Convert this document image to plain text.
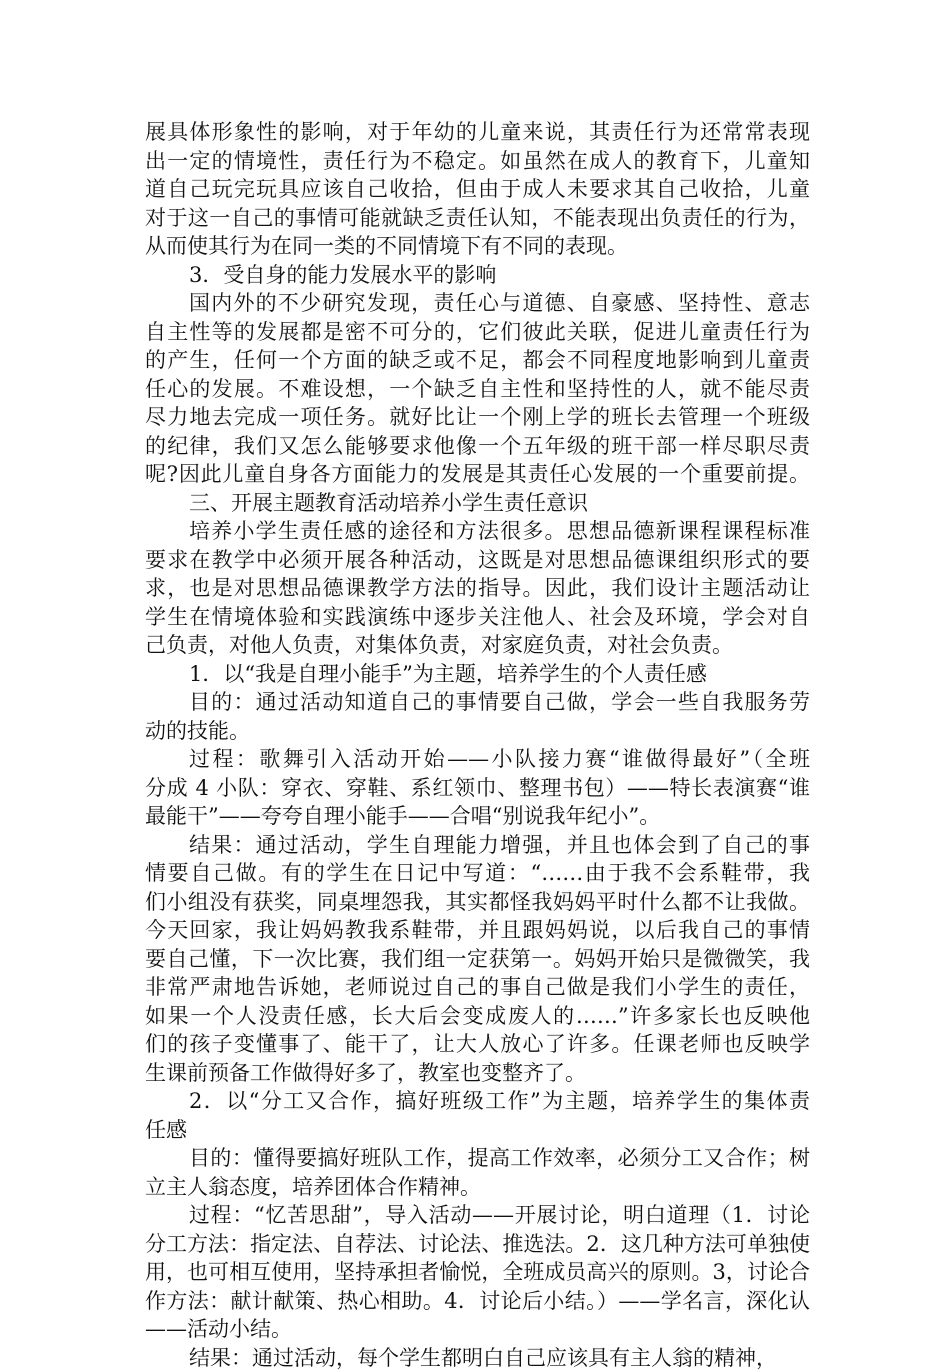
展具体形象性的影响，对于年幼的儿童来说，其责任行为还常常表现
出一定的情境性，责任行为不稳定。如虽然在成人的教育下，儿童知
道自己玩完玩具应该自己收拾，但由于成人未要求其自己收拾，儿童
对于这一自己的事情可能就缺乏责任认知，不能表现出负责任的行为，
从而使其行为在同一类的不同情境下有不同的表现。
3．受自身的能力发展水平的影响
国内外的不少研究发现，责任心与道德、自豪感、坚持性、意志
自主性等的发展都是密不可分的，它们彼此关联，促进儿童责任行为
的产生，任何一个方面的缺乏或不足，都会不同程度地影响到儿童责
任心的发展。不难设想，一个缺乏自主性和坚持性的人，就不能尽责
尽力地去完成一项任务。就好比让一个刚上学的班长去管理一个班级
的纪律，我们又怎么能够要求他像一个五年级的班干部一样尽职尽责
呢?因此儿童自身各方面能力的发展是其责任心发展的一个重要前提。
三、开展主题教育活动培养小学生责任意识
培养小学生责任感的途径和方法很多。思想品德新课程课程标准
要求在教学中必须开展各种活动，这既是对思想品德课组织形式的要
求，也是对思想品德课教学方法的指导。因此，我们设计主题活动让
学生在情境体验和实践演练中逐步关注他人、社会及环境，学会对自
己负责，对他人负责，对集体负责，对家庭负责，对社会负责。
1．以“我是自理小能手”为主题，培养学生的个人责任感
目的：通过活动知道自己的事情要自己做，学会一些自我服务劳
动的技能。
过程：歌舞引入活动开始——小队接力赛“谁做得最好”（全班
分成 4 小队：穿衣、穿鞋、系红领巾、整理书包）——特长表演赛“谁
最能干”——夸夸自理小能手——合唱“别说我年纪小”。
结果：通过活动，学生自理能力增强，并且也体会到了自己的事
情要自己做。有的学生在日记中写道：“……由于我不会系鞋带，我
们小组没有获奖，同桌埋怨我，其实都怪我妈妈平时什么都不让我做。
今天回家，我让妈妈教我系鞋带，并且跟妈妈说，以后我自己的事情
要自己懂，下一次比赛，我们组一定获第一。妈妈开始只是微微笑，我
非常严肃地告诉她，老师说过自己的事自己做是我们小学生的责任，
如果一个人没责任感，长大后会变成废人的……”许多家长也反映他
们的孩子变懂事了、能干了，让大人放心了许多。任课老师也反映学
生课前预备工作做得好多了，教室也变整齐了。
2．以“分工又合作，搞好班级工作”为主题，培养学生的集体责
任感
目的：懂得要搞好班队工作，提高工作效率，必须分工又合作；树
立主人翁态度，培养团体合作精神。
过程：“忆苦思甜”，导入活动——开展讨论，明白道理（1．讨论
分工方法：指定法、自荐法、讨论法、推选法。2．这几种方法可单独使
用，也可相互使用，坚持承担者愉悦，全班成员高兴的原则。3，讨论合
作方法：献计献策、热心相助。4．讨论后小结。）——学名言，深化认
——活动小结。
结果：通过活动，每个学生都明白自己应该具有主人翁的精神，
